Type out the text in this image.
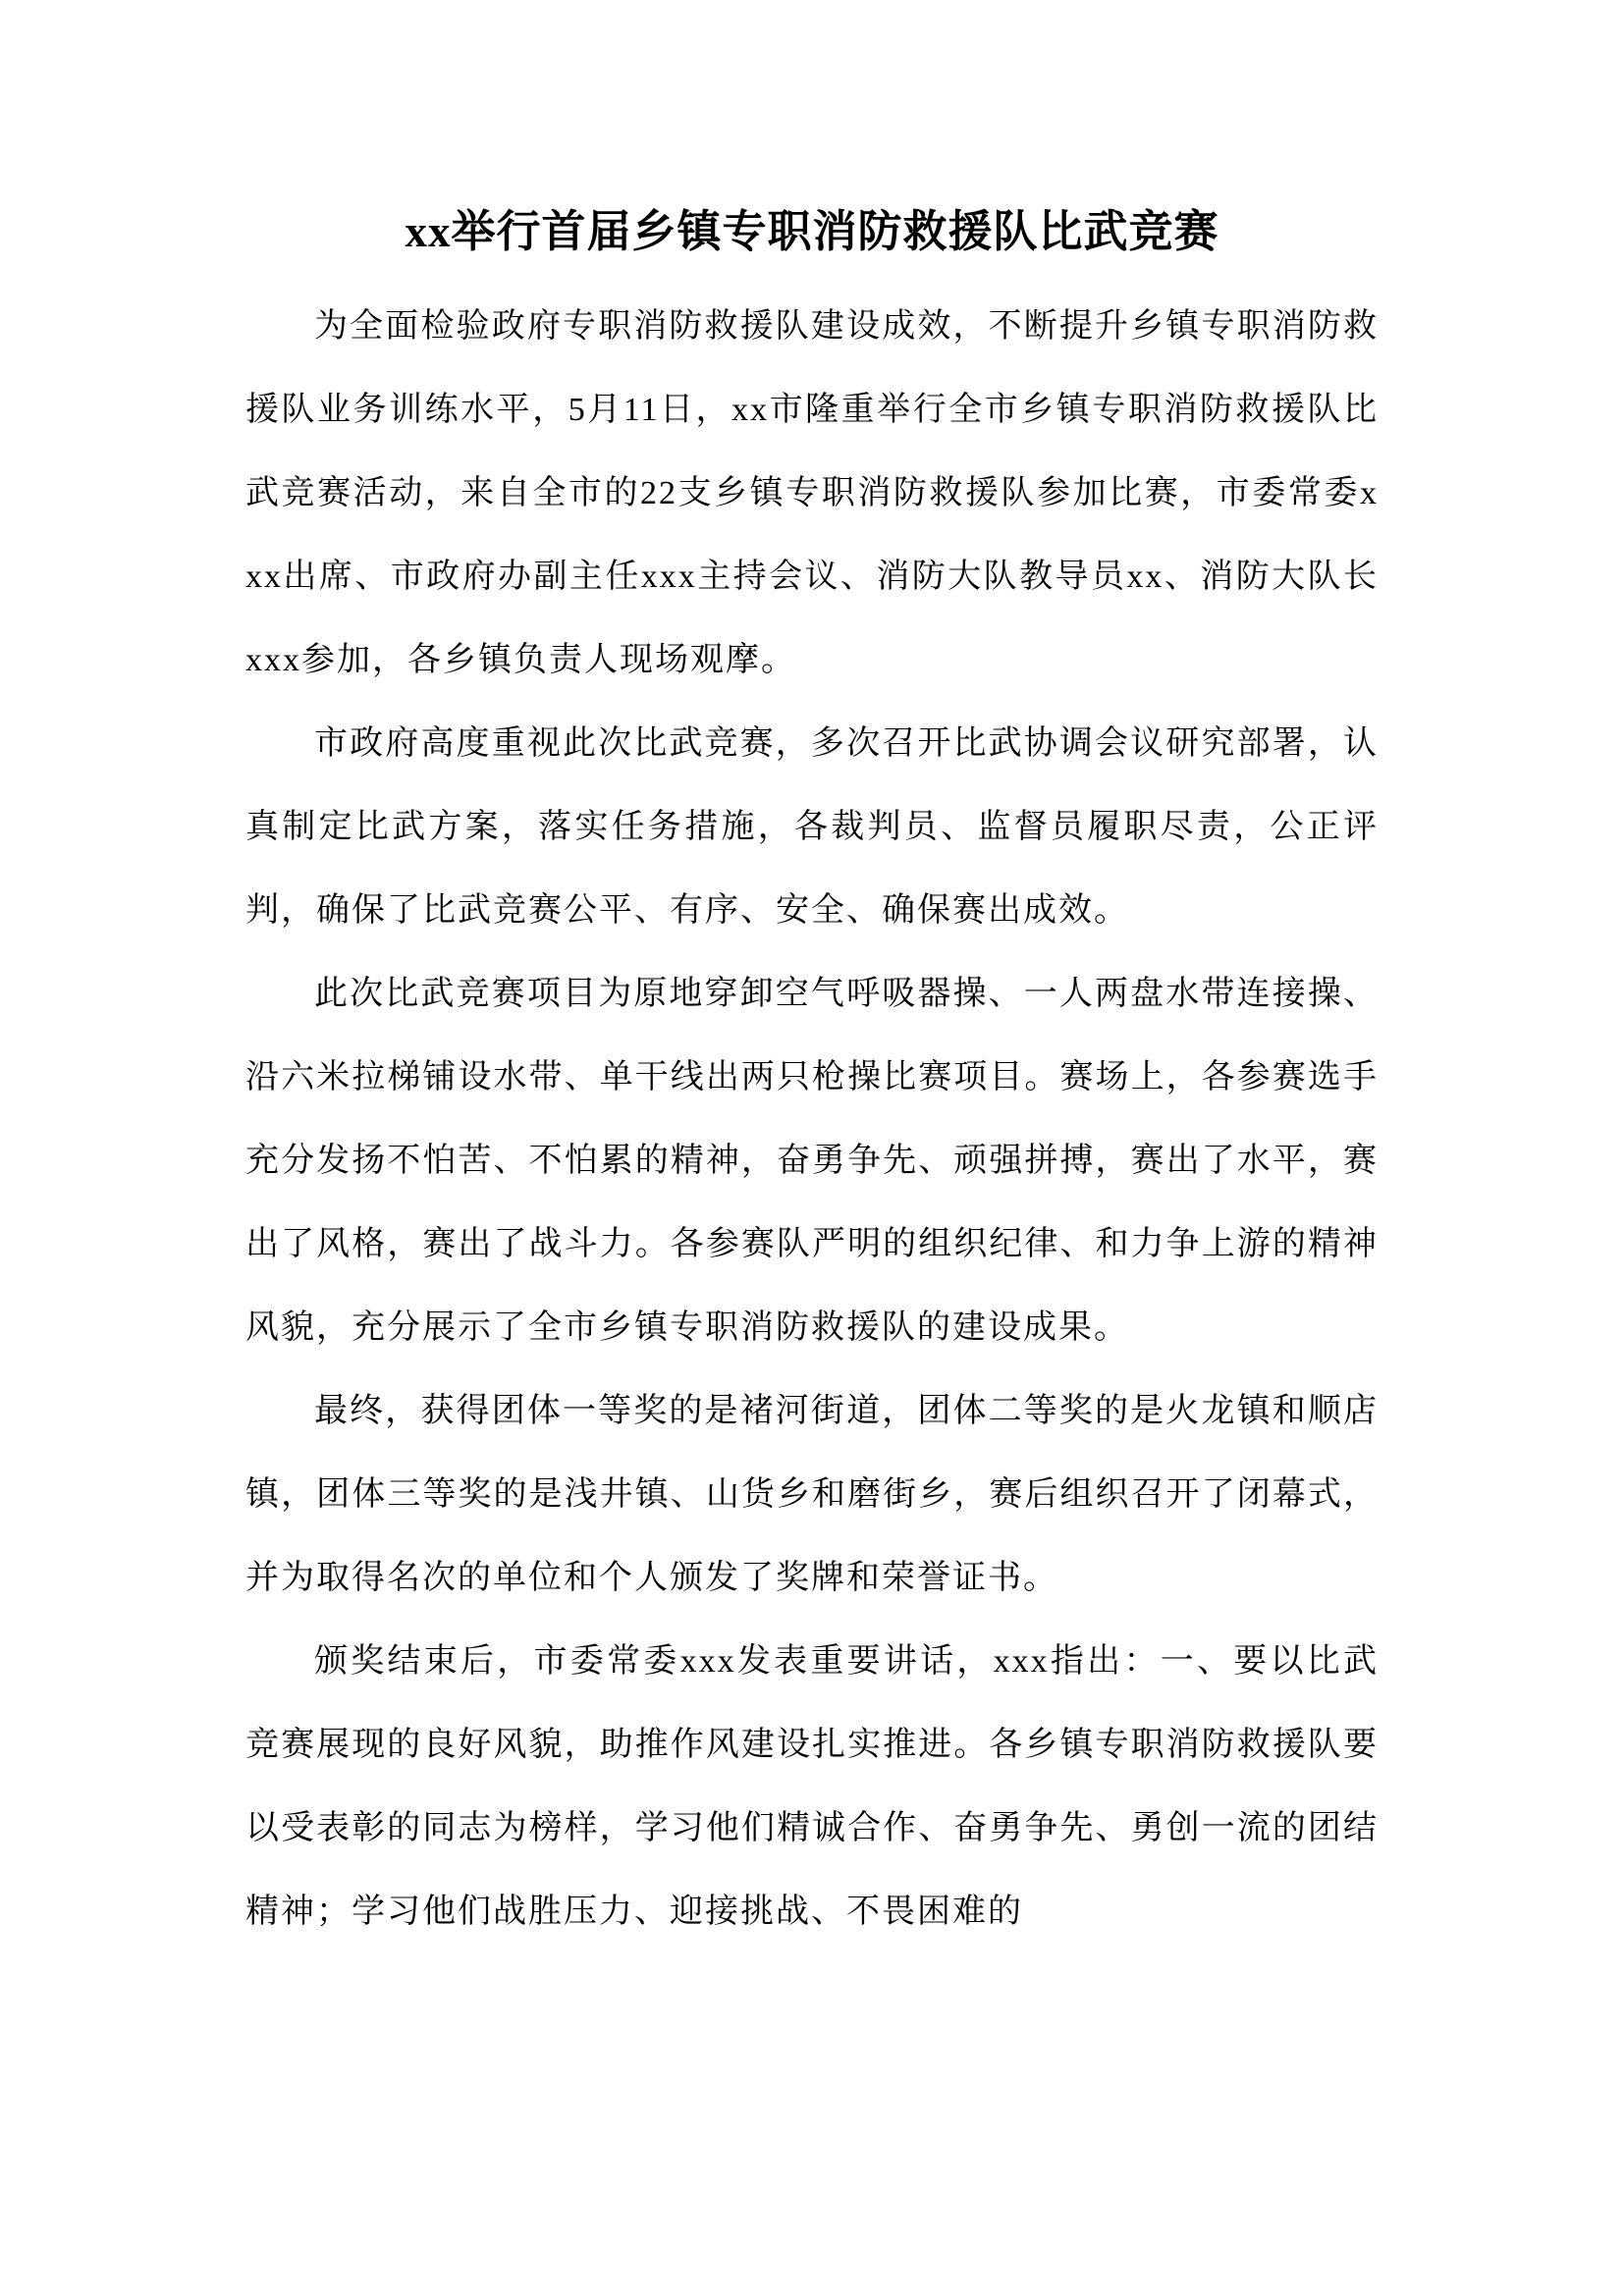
xx举行首届乡镇专职消防救援队比武竞赛

为全面检验政府专职消防救援队建设成效，不断提升乡镇专职消防救援队业务训练水平，5月11日，xx市隆重举行全市乡镇专职消防救援队比武竞赛活动，来自全市的22支乡镇专职消防救援队参加比赛，市委常委xxx出席、市政府办副主任xxx主持会议、消防大队教导员xx、消防大队长xxx参加，各乡镇负责人现场观摩。

市政府高度重视此次比武竞赛，多次召开比武协调会议研究部署，认真制定比武方案，落实任务措施，各裁判员、监督员履职尽责，公正评判，确保了比武竞赛公平、有序、安全、确保赛出成效。

此次比武竞赛项目为原地穿卸空气呼吸器操、一人两盘水带连接操、沿六米拉梯铺设水带、单干线出两只枪操比赛项目。赛场上，各参赛选手充分发扬不怕苦、不怕累的精神，奋勇争先、顽强拼搏，赛出了水平，赛出了风格，赛出了战斗力。各参赛队严明的组织纪律、和力争上游的精神风貌，充分展示了全市乡镇专职消防救援队的建设成果。

最终，获得团体一等奖的是褚河街道，团体二等奖的是火龙镇和顺店镇，团体三等奖的是浅井镇、山货乡和磨街乡，赛后组织召开了闭幕式，并为取得名次的单位和个人颁发了奖牌和荣誉证书。

颁奖结束后，市委常委xxx发表重要讲话，xxx指出：一、要以比武竞赛展现的良好风貌，助推作风建设扎实推进。各乡镇专职消防救援队要以受表彰的同志为榜样，学习他们精诚合作、奋勇争先、勇创一流的团结精神；学习他们战胜压力、迎接挑战、不畏困难的
